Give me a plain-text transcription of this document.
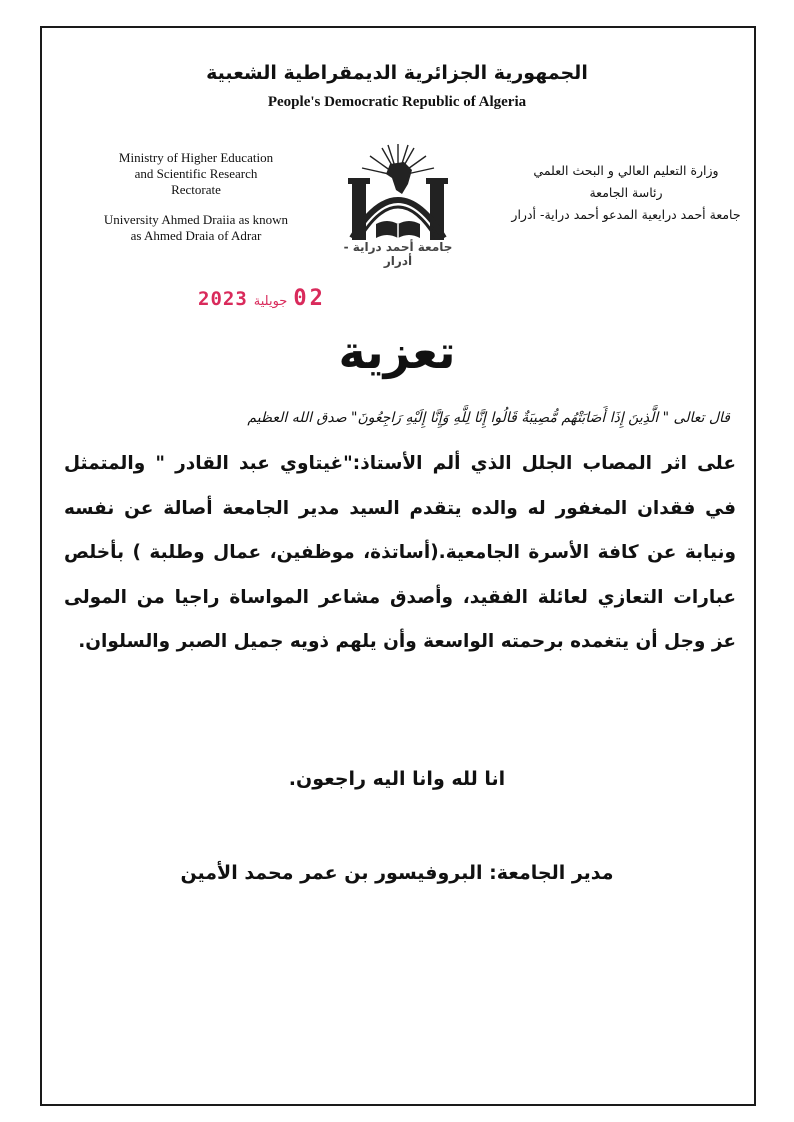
الجمهورية الجزائرية الديمقراطية الشعبية
People's Democratic Republic of Algeria
Ministry of Higher Education
and Scientific Research
Rectorate
University Ahmed Draiia as known
as Ahmed Draia of Adrar
وزارة التعليم العالي و البحث العلمي
رئاسة الجامعة
جامعة أحمد درايعية المدعو أحمد دراية- أدرار
جامعة أحمد دراية - أدرار
2023 جويلية 02
تعزية
قال تعالى " الَّذِينَ إِذَا أَصَابَتْهُم مُّصِيبَةٌ قَالُوا إِنَّا لِلَّهِ وَإِنَّا إِلَيْهِ رَاجِعُونَ" صدق الله العظيم
على اثر المصاب الجلل الذي ألم الأستاذ:"غيتاوي عبد القادر " والمتمثل في فقدان المغفور له والده يتقدم السيد مدير الجامعة أصالة عن نفسه ونيابة عن كافة الأسرة الجامعية.(أساتذة، موظفين، عمال وطلبة ) بأخلص عبارات التعازي لعائلة الفقيد، وأصدق مشاعر المواساة راجيا من المولى عز وجل أن يتغمده برحمته الواسعة وأن يلهم ذويه جميل الصبر والسلوان.
انا لله وانا اليه راجعون.
مدير الجامعة: البروفيسور بن عمر محمد الأمين
